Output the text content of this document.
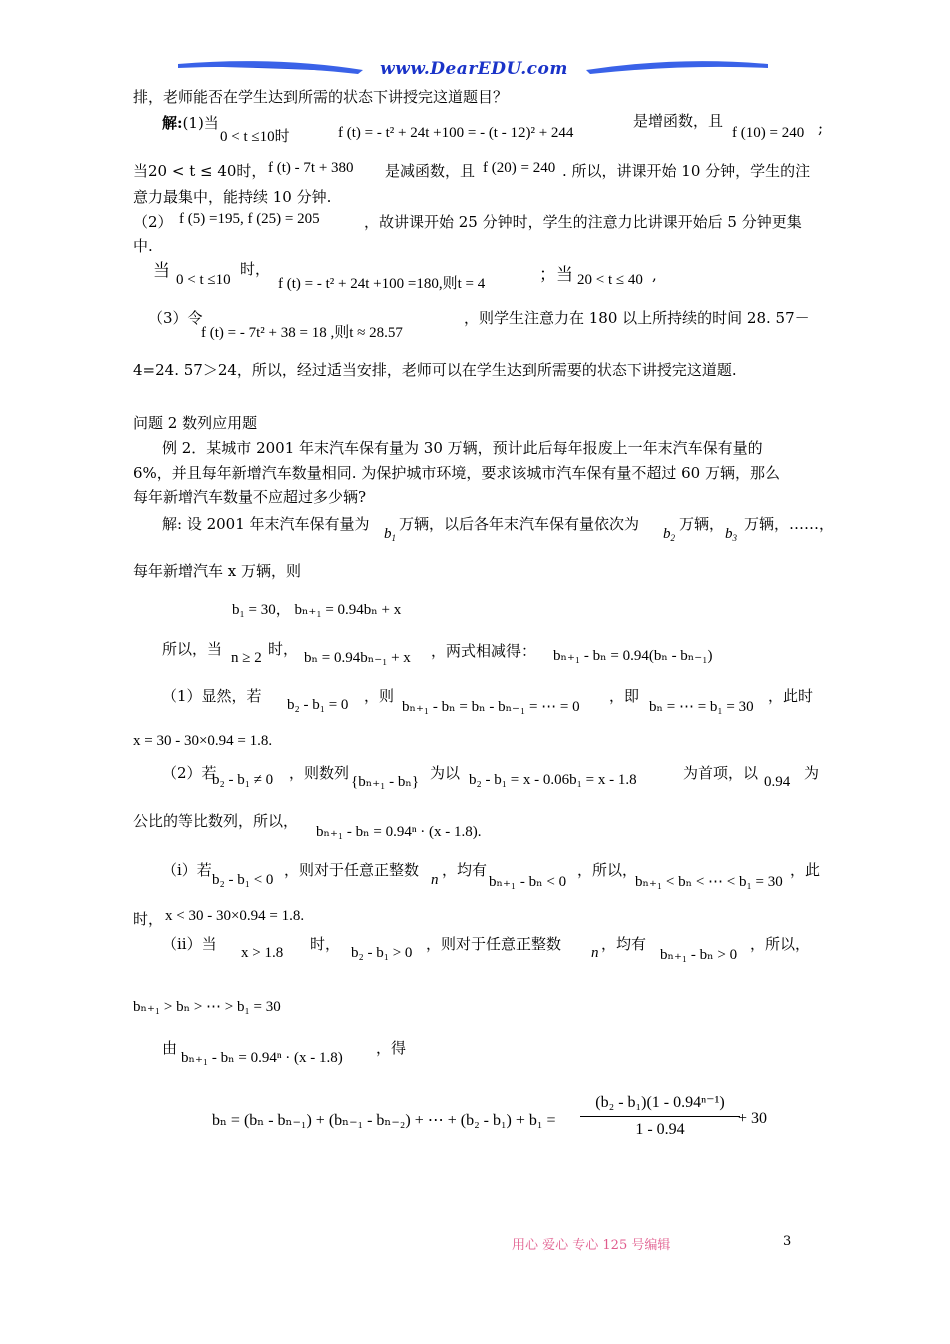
www.DearEDU.com
排，老师能否在学生达到所需的状态下讲授完这道题目？
解:(1)当
0 < t ≤10时	f (t) = - t² + 24t +100 = - (t - 12)² + 244
是增函数，且
f (10) = 240 ;
当20 < t ≤ 40时， f (t) - 7t + 380 是减函数，且 f (20) = 240 . 所以，讲课开始 10 分钟，学生的注
意力最集中，能持续 10 分钟.
（2） f (5) =195, f (25) = 205	，故讲课开始 25 分钟时，学生的注意力比讲课开始后 5 分钟更集
中.
当 0 < t ≤10
时，
f (t) = - t² + 24t +100 =180,则t = 4	；当 20 < t ≤ 40 ,
（3）令
f (t) = - 7t² + 38 = 18 ,则t ≈ 28.57
，则学生注意力在 180 以上所持续的时间 28. 57－
4=24. 57＞24，所以，经过适当安排，老师可以在学生达到所需要的状态下讲授完这道题.
问题 2 数列应用题
例 2．某城市 2001 年末汽车保有量为 30 万辆，预计此后每年报废上一年末汽车保有量的
6%，并且每年新增汽车数量相同. 为保护城市环境，要求该城市汽车保有量不超过 60 万辆，那么
每年新增汽车数量不应超过多少辆?
解: 设 2001 年末汽车保有量为
$b_1$
万辆，以后各年末汽车保有量依次为
$b_2$
万辆，
$b_3$
万辆，……，
每年新增汽车 x 万辆，则
b₁ = 30， bₙ₊₁ = 0.94bₙ + x
所以，当 n ≥ 2 时， bₙ = 0.94bₙ₋₁ + x ，两式相减得： bₙ₊₁ - bₙ = 0.94(bₙ - bₙ₋₁)
（1）显然，若 b₂ - b₁ = 0 ，则
bₙ₊₁ - bₙ = bₙ - bₙ₋₁ = ⋯ = 0
，即
bₙ = ⋯ = b₁ = 30
，此时
x = 30 - 30×0.94 = 1.8.
（2）若
b₂ - b₁ ≠ 0 ，则数列 {bₙ₊₁ - bₙ} 为以 b₂ - b₁ = x - 0.06b₁ = x - 1.8	为首项，以 0.94 为
公比的等比数列，所以，
bₙ₊₁ - bₙ = 0.94ⁿ · (x - 1.8).
（i）若
b₂ - b₁ < 0
，则对于任意正整数
n
，均有
bₙ₊₁ - bₙ < 0
，所以，
bₙ₊₁ < bₙ < ⋯ < b₁ = 30
，此
时， x < 30 - 30×0.94 = 1.8.
（ii）当 x > 1.8 时， b₂ - b₁ > 0 ，则对于任意正整数 n ，均有
bₙ₊₁ - bₙ > 0
，所以，
bₙ₊₁ > bₙ > ⋯ > b₁ = 30
由
bₙ₊₁ - bₙ = 0.94ⁿ · (x - 1.8)
，得
bₙ = (bₙ - bₙ₋₁) + (bₙ₋₁ - bₙ₋₂) + ⋯ + $(b_2 - b_1) + b_1 = \frac{\text{(b₂ - b₁)(1 - 0.94ⁿ⁻¹)}}{1 - 0.94}$
+ 30
用心 爱心 专心 125 号编辑	3
